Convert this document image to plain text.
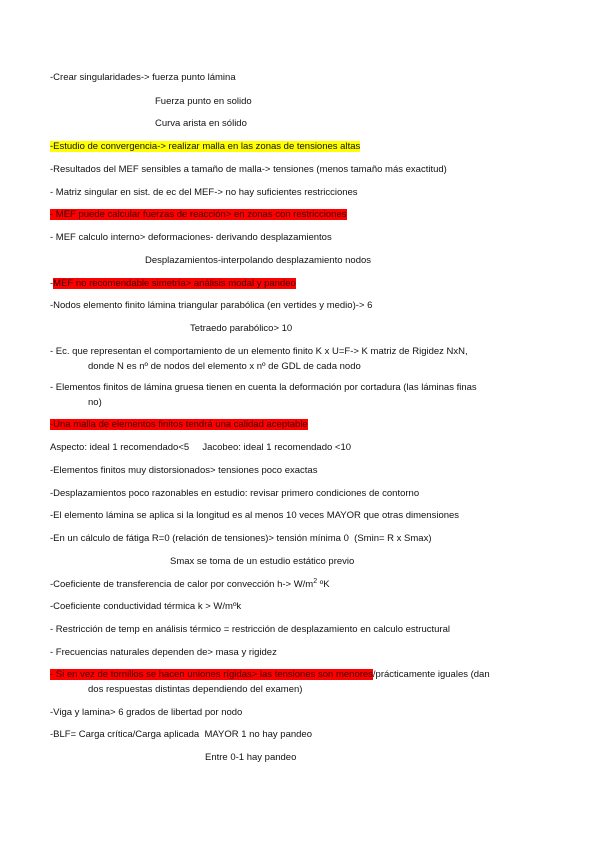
-Crear singularidades-> fuerza punto lámina
Fuerza punto en solido
Curva arista en sólido
-Estudio de convergencia-> realizar malla en las zonas de tensiones altas
-Resultados del MEF sensibles a tamaño de malla-> tensiones (menos tamaño más exactitud)
- Matriz singular en sist. de ec del MEF-> no hay suficientes restricciones
- MEF puede calcular fuerzas de reacción> en zonas con restricciones
- MEF calculo interno> deformaciones- derivando desplazamientos
Desplazamientos-interpolando desplazamiento nodos
-MEF no recomendable simetría> análisis modal y pandeo
-Nodos elemento finito lámina triangular parabólica (en vertides y medio)-> 6
Tetraedo parabólico> 10
- Ec. que representan el comportamiento de un elemento finito K x U=F-> K matriz de Rigidez NxN,
donde N es nº de nodos del elemento x nº de GDL de cada nodo
- Elementos finitos de lámina gruesa tienen en cuenta la deformación por cortadura (las láminas finas
no)
-Una malla de elementos finitos tendrá una calidad aceptable
Aspecto: ideal 1 recomendado<5     Jacobeo: ideal 1 recomendado <10
-Elementos finitos muy distorsionados> tensiones poco exactas
-Desplazamientos poco razonables en estudio: revisar primero condiciones de contorno
-El elemento lámina se aplica si la longitud es al menos 10 veces MAYOR que otras dimensiones
-En un cálculo de fátiga R=0 (relación de tensiones)> tensión mínima 0  (Smin= R x Smax)
Smax se toma de un estudio estático previo
-Coeficiente de transferencia de calor por convección $h-> W/m^2$ ºK
-Coeficiente conductividad térmica k > W/mºk
- Restricción de temp en análisis térmico = restricción de desplazamiento en calculo estructural
- Frecuencias naturales dependen de> masa y rigidez
- Si en vez de tornillos se hacen uniones rígidas> las tensiones son menores/prácticamente iguales (dan
dos respuestas distintas dependiendo del examen)
-Viga y lamina> 6 grados de libertad por nodo
-BLF= Carga crítica/Carga aplicada  MAYOR 1 no hay pandeo
Entre 0-1 hay pandeo
